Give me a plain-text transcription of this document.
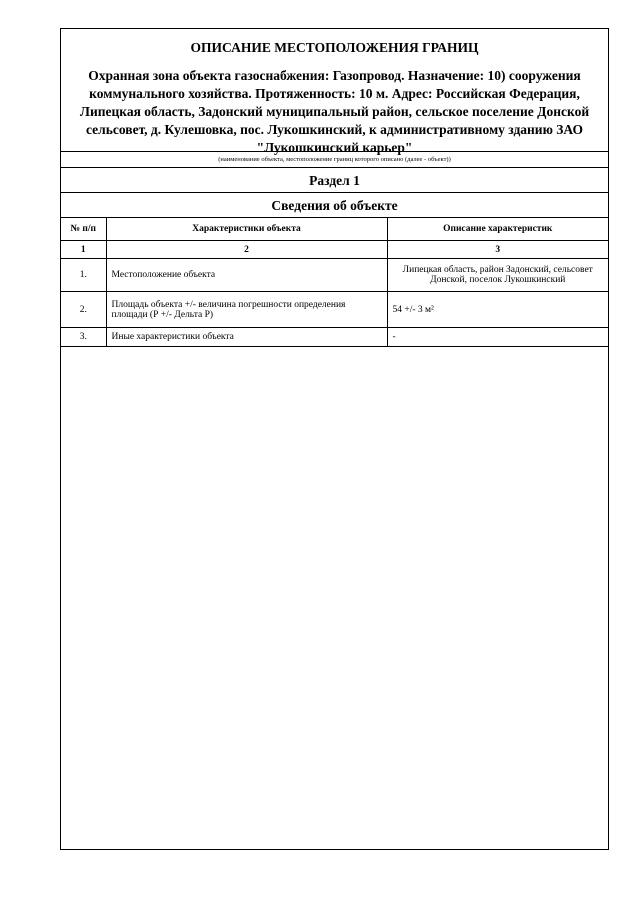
ОПИСАНИЕ МЕСТОПОЛОЖЕНИЯ ГРАНИЦ
Охранная зона объекта газоснабжения: Газопровод. Назначение: 10) сооружения коммунального хозяйства. Протяженность: 10 м. Адрес: Российская Федерация, Липецкая область, Задонский муниципальный район, сельское поселение Донской сельсовет, д. Кулешовка, пос. Лукошкинский, к административному зданию ЗАО "Лукошкинский карьер"
(наименование объекта, местоположение границ которого описано (далее - объект))
Раздел 1
Сведения об объекте
№ п/п	Характеристики объекта	Описание характеристик
1	2	3
1.	Местоположение объекта	Липецкая область, район Задонский, сельсовет Донской, поселок Лукошкинский
2.	Площадь объекта +/- величина погрешности определения площади (Р +/- Дельта Р)	54 +/- 3 м²
3.	Иные характеристики объекта	-
